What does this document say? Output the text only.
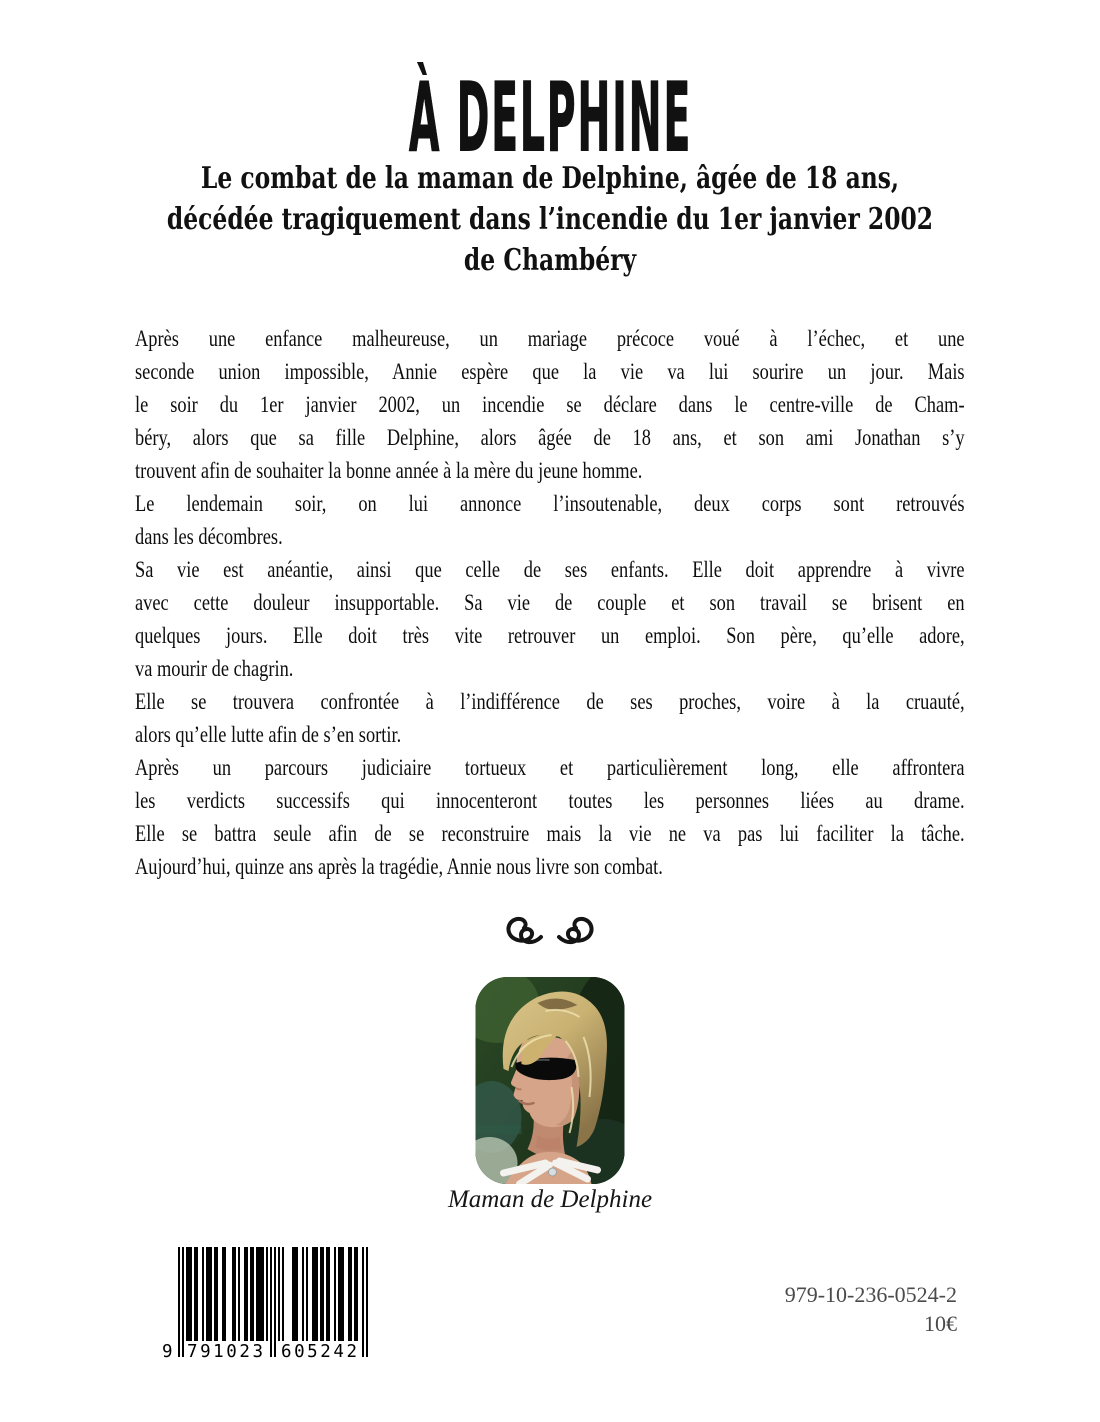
À DELPHINE
Le combat de la maman de Delphine, âgée de 18 ans,
décédée tragiquement dans l’incendie du 1er janvier 2002
de Chambéry
Après une enfance malheureuse, un mariage précoce voué à l’échec, et une
seconde union impossible, Annie espère que la vie va lui sourire un jour. Mais
le soir du 1er janvier 2002, un incendie se déclare dans le centre-ville de Cham-
béry, alors que sa fille Delphine, alors âgée de 18 ans, et son ami Jonathan s’y
trouvent afin de souhaiter la bonne année à la mère du jeune homme.
Le lendemain soir, on lui annonce l’insoutenable, deux corps sont retrouvés
dans les décombres.
Sa vie est anéantie, ainsi que celle de ses enfants. Elle doit apprendre à vivre
avec cette douleur insupportable. Sa vie de couple et son travail se brisent en
quelques jours. Elle doit très vite retrouver un emploi. Son père, qu’elle adore,
va mourir de chagrin.
Elle se trouvera confrontée à l’indifférence de ses proches, voire à la cruauté,
alors qu’elle lutte afin de s’en sortir.
Après un parcours judiciaire tortueux et particulièrement long, elle affrontera
les verdicts successifs qui innocenteront toutes les personnes liées au drame.
Elle se battra seule afin de se reconstruire mais la vie ne va pas lui faciliter la tâche.
Aujourd’hui, quinze ans après la tragédie, Annie nous livre son combat.
Maman de Delphine
9 791023 605242
979-10-236-0524-2
10€
